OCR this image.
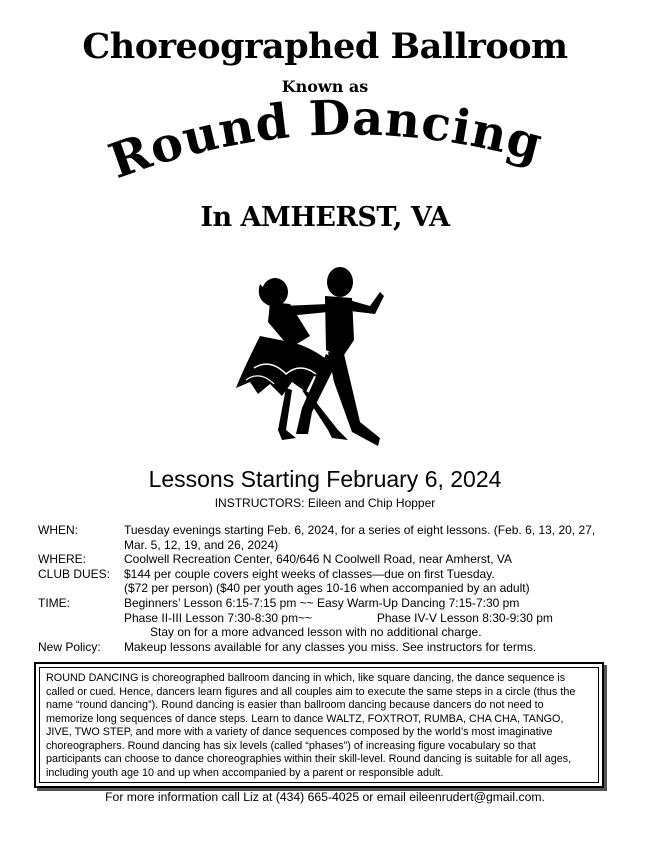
Choreographed Ballroom
Known as
Round Dancing
In AMHERST, VA
Lessons Starting February 6, 2024
INSTRUCTORS: Eileen and Chip Hopper
WHEN:	Tuesday evenings starting Feb. 6, 2024, for a series of eight lessons. (Feb. 6, 13, 20, 27, Mar. 5, 12, 19, and 26, 2024)
WHERE:	Coolwell Recreation Center, 640/646 N Coolwell Road, near Amherst, VA
CLUB DUES:	$144 per couple covers eight weeks of classes—due on first Tuesday.
($72 per person) ($40 per youth ages 10-16 when accompanied by an adult)
TIME:	Beginners’ Lesson 6:15-7:15 pm ~~ Easy Warm-Up Dancing 7:15-7:30 pm
Phase II-III Lesson 7:30-8:30 pm~~	Phase IV-V Lesson 8:30-9:30 pm
Stay on for a more advanced lesson with no additional charge.
New Policy:	Makeup lessons available for any classes you miss. See instructors for terms.
ROUND DANCING is choreographed ballroom dancing in which, like square dancing, the dance sequence is called or cued. Hence, dancers learn figures and all couples aim to execute the same steps in a circle (thus the name “round dancing”). Round dancing is easier than ballroom dancing because dancers do not need to memorize long sequences of dance steps. Learn to dance WALTZ, FOXTROT, RUMBA, CHA CHA, TANGO, JIVE, TWO STEP, and more with a variety of dance sequences composed by the world’s most imaginative choreographers. Round dancing has six levels (called “phases”) of increasing figure vocabulary so that participants can choose to dance choreographies within their skill-level. Round dancing is suitable for all ages, including youth age 10 and up when accompanied by a parent or responsible adult.
For more information call Liz at (434) 665-4025 or email eileenrudert@gmail.com.
